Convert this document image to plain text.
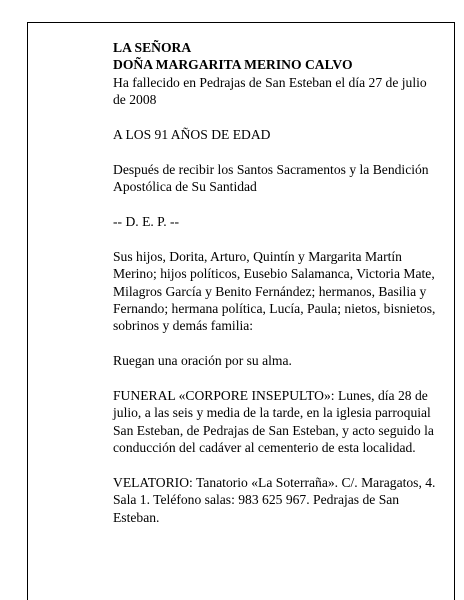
LA SEÑORA

DOÑA MARGARITA MERINO CALVO

Ha fallecido en Pedrajas de San Esteban el día 27 de julio de 2008

A LOS 91 AÑOS DE EDAD

Después de recibir los Santos Sacramentos y la Bendición Apostólica de Su Santidad

-- D. E. P. --

Sus hijos, Dorita, Arturo, Quintín y Margarita Martín Merino; hijos políticos, Eusebio Salamanca, Victoria Mate, Milagros García y Benito Fernández; hermanos, Basilia y Fernando; hermana política, Lucía, Paula; nietos, bisnietos, sobrinos y demás familia:

Ruegan una oración por su alma.

FUNERAL «CORPORE INSEPULTO»: Lunes, día 28 de julio, a las seis y media de la tarde, en la iglesia parroquial San Esteban, de Pedrajas de San Esteban, y acto seguido la conducción del cadáver al cementerio de esta localidad.

VELATORIO: Tanatorio «La Soterraña». C/. Maragatos, 4. Sala 1. Teléfono salas: 983 625 967. Pedrajas de San Esteban.
